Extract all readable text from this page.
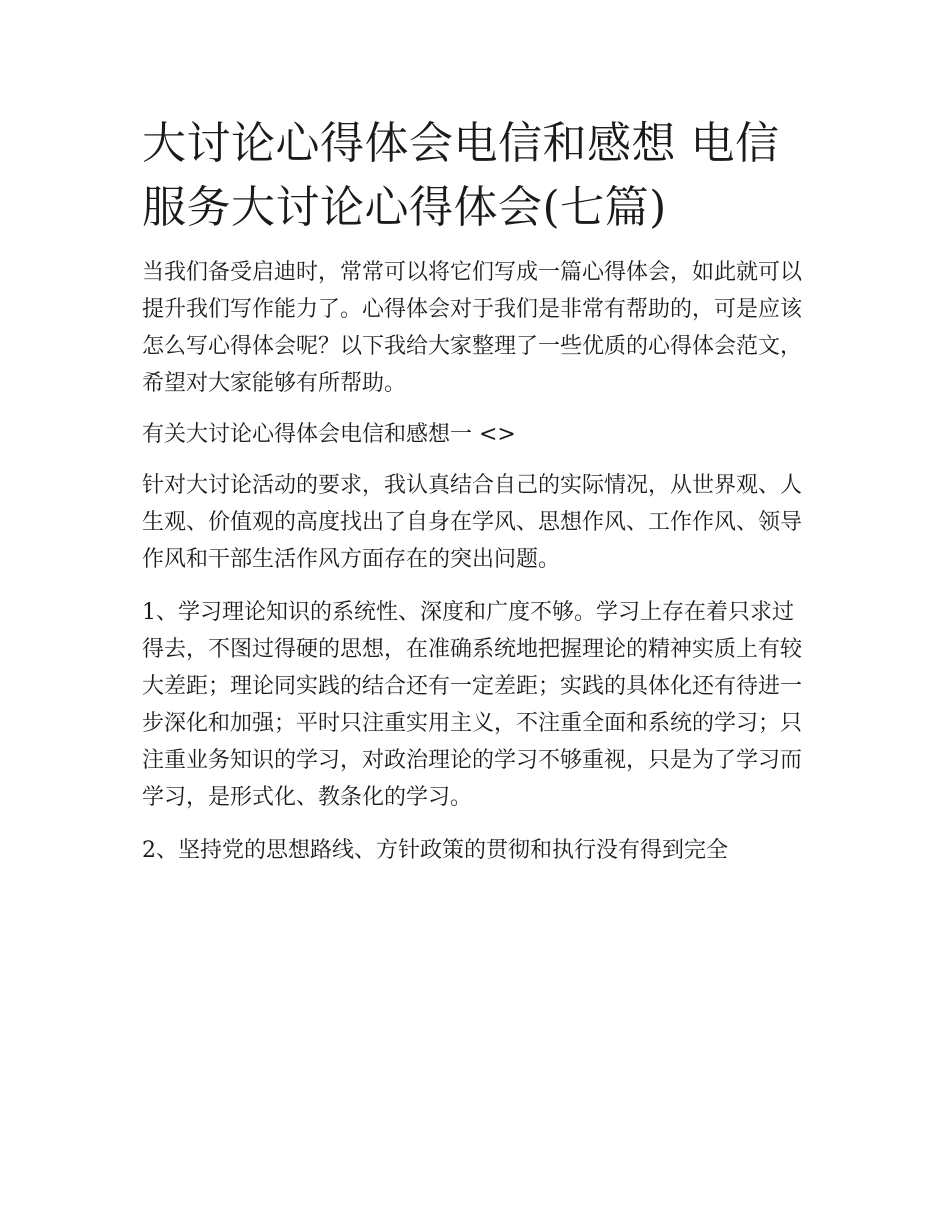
大讨论心得体会电信和感想 电信服务大讨论心得体会(七篇)

当我们备受启迪时，常常可以将它们写成一篇心得体会，如此就可以提升我们写作能力了。心得体会对于我们是非常有帮助的，可是应该怎么写心得体会呢？以下我给大家整理了一些优质的心得体会范文，希望对大家能够有所帮助。

有关大讨论心得体会电信和感想一 <>

针对大讨论活动的要求，我认真结合自己的实际情况，从世界观、人生观、价值观的高度找出了自身在学风、思想作风、工作作风、领导作风和干部生活作风方面存在的突出问题。

1、学习理论知识的系统性、深度和广度不够。学习上存在着只求过得去，不图过得硬的思想，在准确系统地把握理论的精神实质上有较大差距；理论同实践的结合还有一定差距；实践的具体化还有待进一步深化和加强；平时只注重实用主义，不注重全面和系统的学习；只注重业务知识的学习，对政治理论的学习不够重视，只是为了学习而学习，是形式化、教条化的学习。

2、坚持党的思想路线、方针政策的贯彻和执行没有得到完全
